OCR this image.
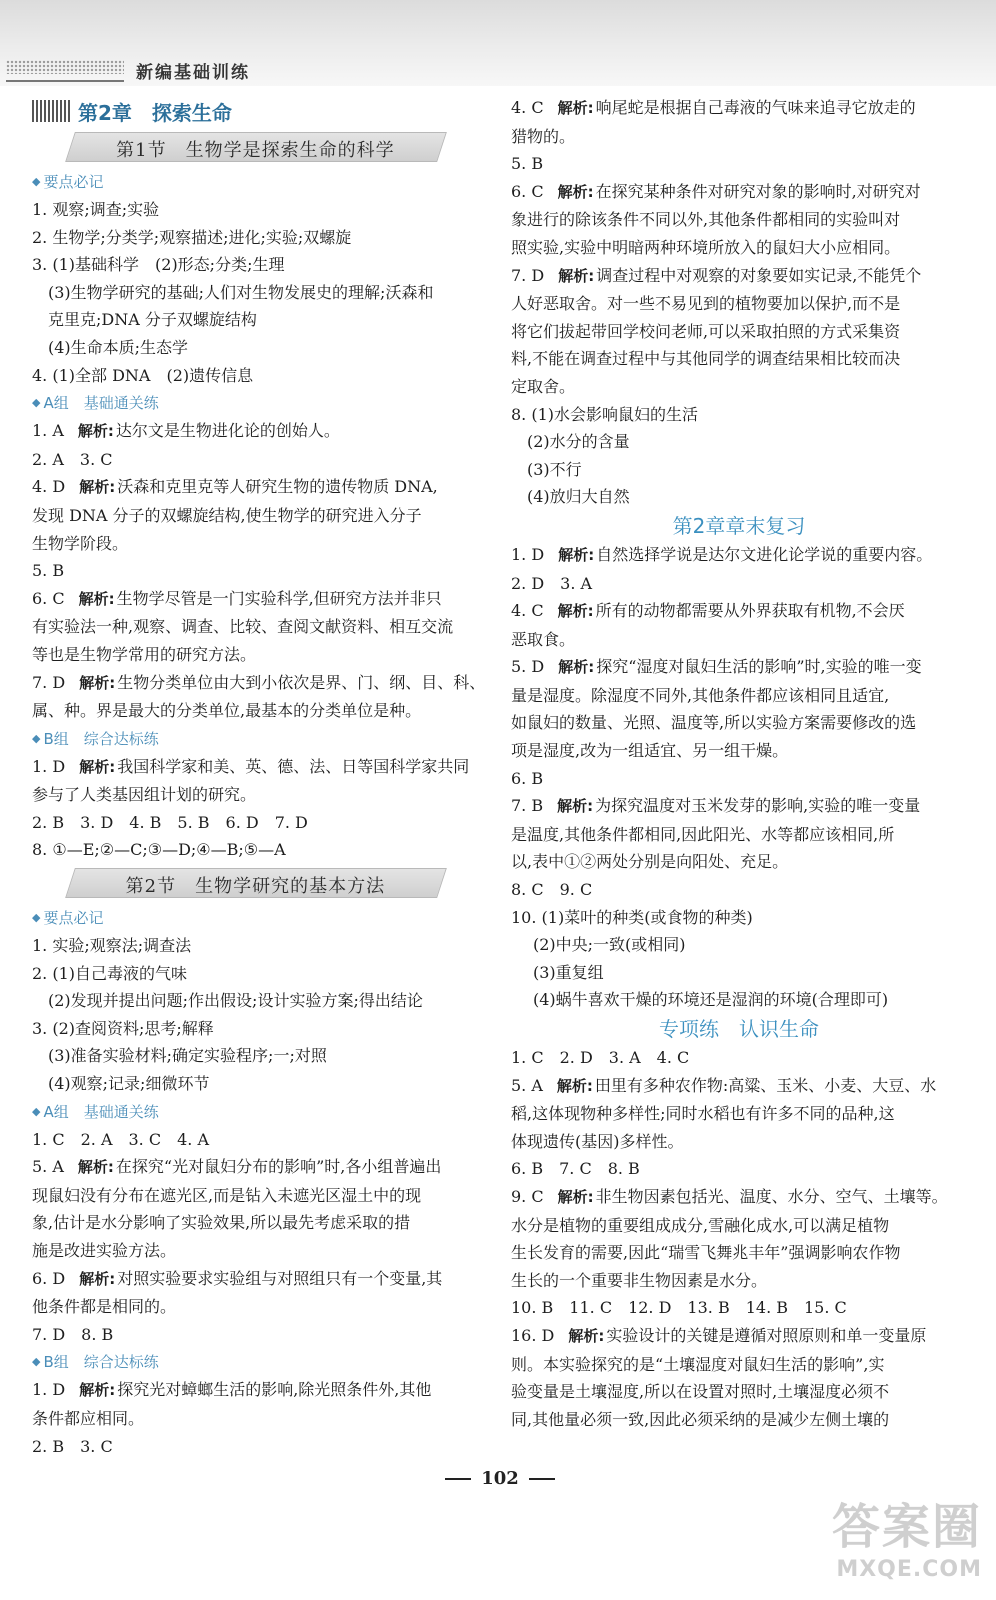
新编基础训练
第2章　探索生命
第1节　生物学是探索生命的科学
◆ 要点必记
1. 观察;调查;实验
2. 生物学;分类学;观察描述;进化;实验;双螺旋
3. (1)基础科学　(2)形态;分类;生理
(3)生物学研究的基础;人们对生物发展史的理解;沃森和
克里克;DNA 分子双螺旋结构
(4)生命本质;生态学
4. (1)全部 DNA　(2)遗传信息
◆ A组　基础通关练
1. A 解析: 达尔文是生物进化论的创始人。
2. A　3. C
4. D 解析: 沃森和克里克等人研究生物的遗传物质 DNA,
发现 DNA 分子的双螺旋结构,使生物学的研究进入分子
生物学阶段。
5. B
6. C 解析: 生物学尽管是一门实验科学,但研究方法并非只
有实验法一种,观察、调查、比较、查阅文献资料、相互交流
等也是生物学常用的研究方法。
7. D 解析: 生物分类单位由大到小依次是界、门、纲、目、科、
属、种。界是最大的分类单位,最基本的分类单位是种。
◆ B组　综合达标练
1. D 解析: 我国科学家和美、英、德、法、日等国科学家共同
参与了人类基因组计划的研究。
2. B　3. D　4. B　5. B　6. D　7. D
8. ①—E;②—C;③—D;④—B;⑤—A
第2节　生物学研究的基本方法
◆ 要点必记
1. 实验;观察法;调查法
2. (1)自己毒液的气味
(2)发现并提出问题;作出假设;设计实验方案;得出结论
3. (2)查阅资料;思考;解释
(3)准备实验材料;确定实验程序;一;对照
(4)观察;记录;细微环节
◆ A组　基础通关练
1. C　2. A　3. C　4. A
5. A 解析: 在探究“光对鼠妇分布的影响”时,各小组普遍出
现鼠妇没有分布在遮光区,而是钻入未遮光区湿土中的现
象,估计是水分影响了实验效果,所以最先考虑采取的措
施是改进实验方法。
6. D 解析: 对照实验要求实验组与对照组只有一个变量,其
他条件都是相同的。
7. D　8. B
◆ B组　综合达标练
1. D 解析: 探究光对蟑螂生活的影响,除光照条件外,其他
条件都应相同。
2. B　3. C
4. C 解析: 响尾蛇是根据自己毒液的气味来追寻它放走的
猎物的。
5. B
6. C 解析: 在探究某种条件对研究对象的影响时,对研究对
象进行的除该条件不同以外,其他条件都相同的实验叫对
照实验,实验中明暗两种环境所放入的鼠妇大小应相同。
7. D 解析: 调查过程中对观察的对象要如实记录,不能凭个
人好恶取舍。对一些不易见到的植物要加以保护,而不是
将它们拔起带回学校问老师,可以采取拍照的方式采集资
料,不能在调查过程中与其他同学的调查结果相比较而决
定取舍。
8. (1)水会影响鼠妇的生活
(2)水分的含量
(3)不行
(4)放归大自然
第2章章末复习
1. D 解析: 自然选择学说是达尔文进化论学说的重要内容。
2. D　3. A
4. C 解析: 所有的动物都需要从外界获取有机物,不会厌
恶取食。
5. D 解析: 探究“湿度对鼠妇生活的影响”时,实验的唯一变
量是湿度。除湿度不同外,其他条件都应该相同且适宜,
如鼠妇的数量、光照、温度等,所以实验方案需要修改的选
项是湿度,改为一组适宜、另一组干燥。
6. B
7. B 解析: 为探究温度对玉米发芽的影响,实验的唯一变量
是温度,其他条件都相同,因此阳光、水等都应该相同,所
以,表中①②两处分别是向阳处、充足。
8. C　9. C
10. (1)菜叶的种类(或食物的种类)
(2)中央;一致(或相同)
(3)重复组
(4)蜗牛喜欢干燥的环境还是湿润的环境(合理即可)
专项练　认识生命
1. C　2. D　3. A　4. C
5. A 解析: 田里有多种农作物:高粱、玉米、小麦、大豆、水
稻,这体现物种多样性;同时水稻也有许多不同的品种,这
体现遗传(基因)多样性。
6. B　7. C　8. B
9. C 解析: 非生物因素包括光、温度、水分、空气、土壤等。
水分是植物的重要组成成分,雪融化成水,可以满足植物
生长发育的需要,因此“瑞雪飞舞兆丰年”强调影响农作物
生长的一个重要非生物因素是水分。
10. B　11. C　12. D　13. B　14. B　15. C
16. D 解析: 实验设计的关键是遵循对照原则和单一变量原
则。本实验探究的是“土壤湿度对鼠妇生活的影响”,实
验变量是土壤湿度,所以在设置对照时,土壤湿度必须不
同,其他量必须一致,因此必须采纳的是减少左侧土壤的
102
答案圈
MXQE.COM
